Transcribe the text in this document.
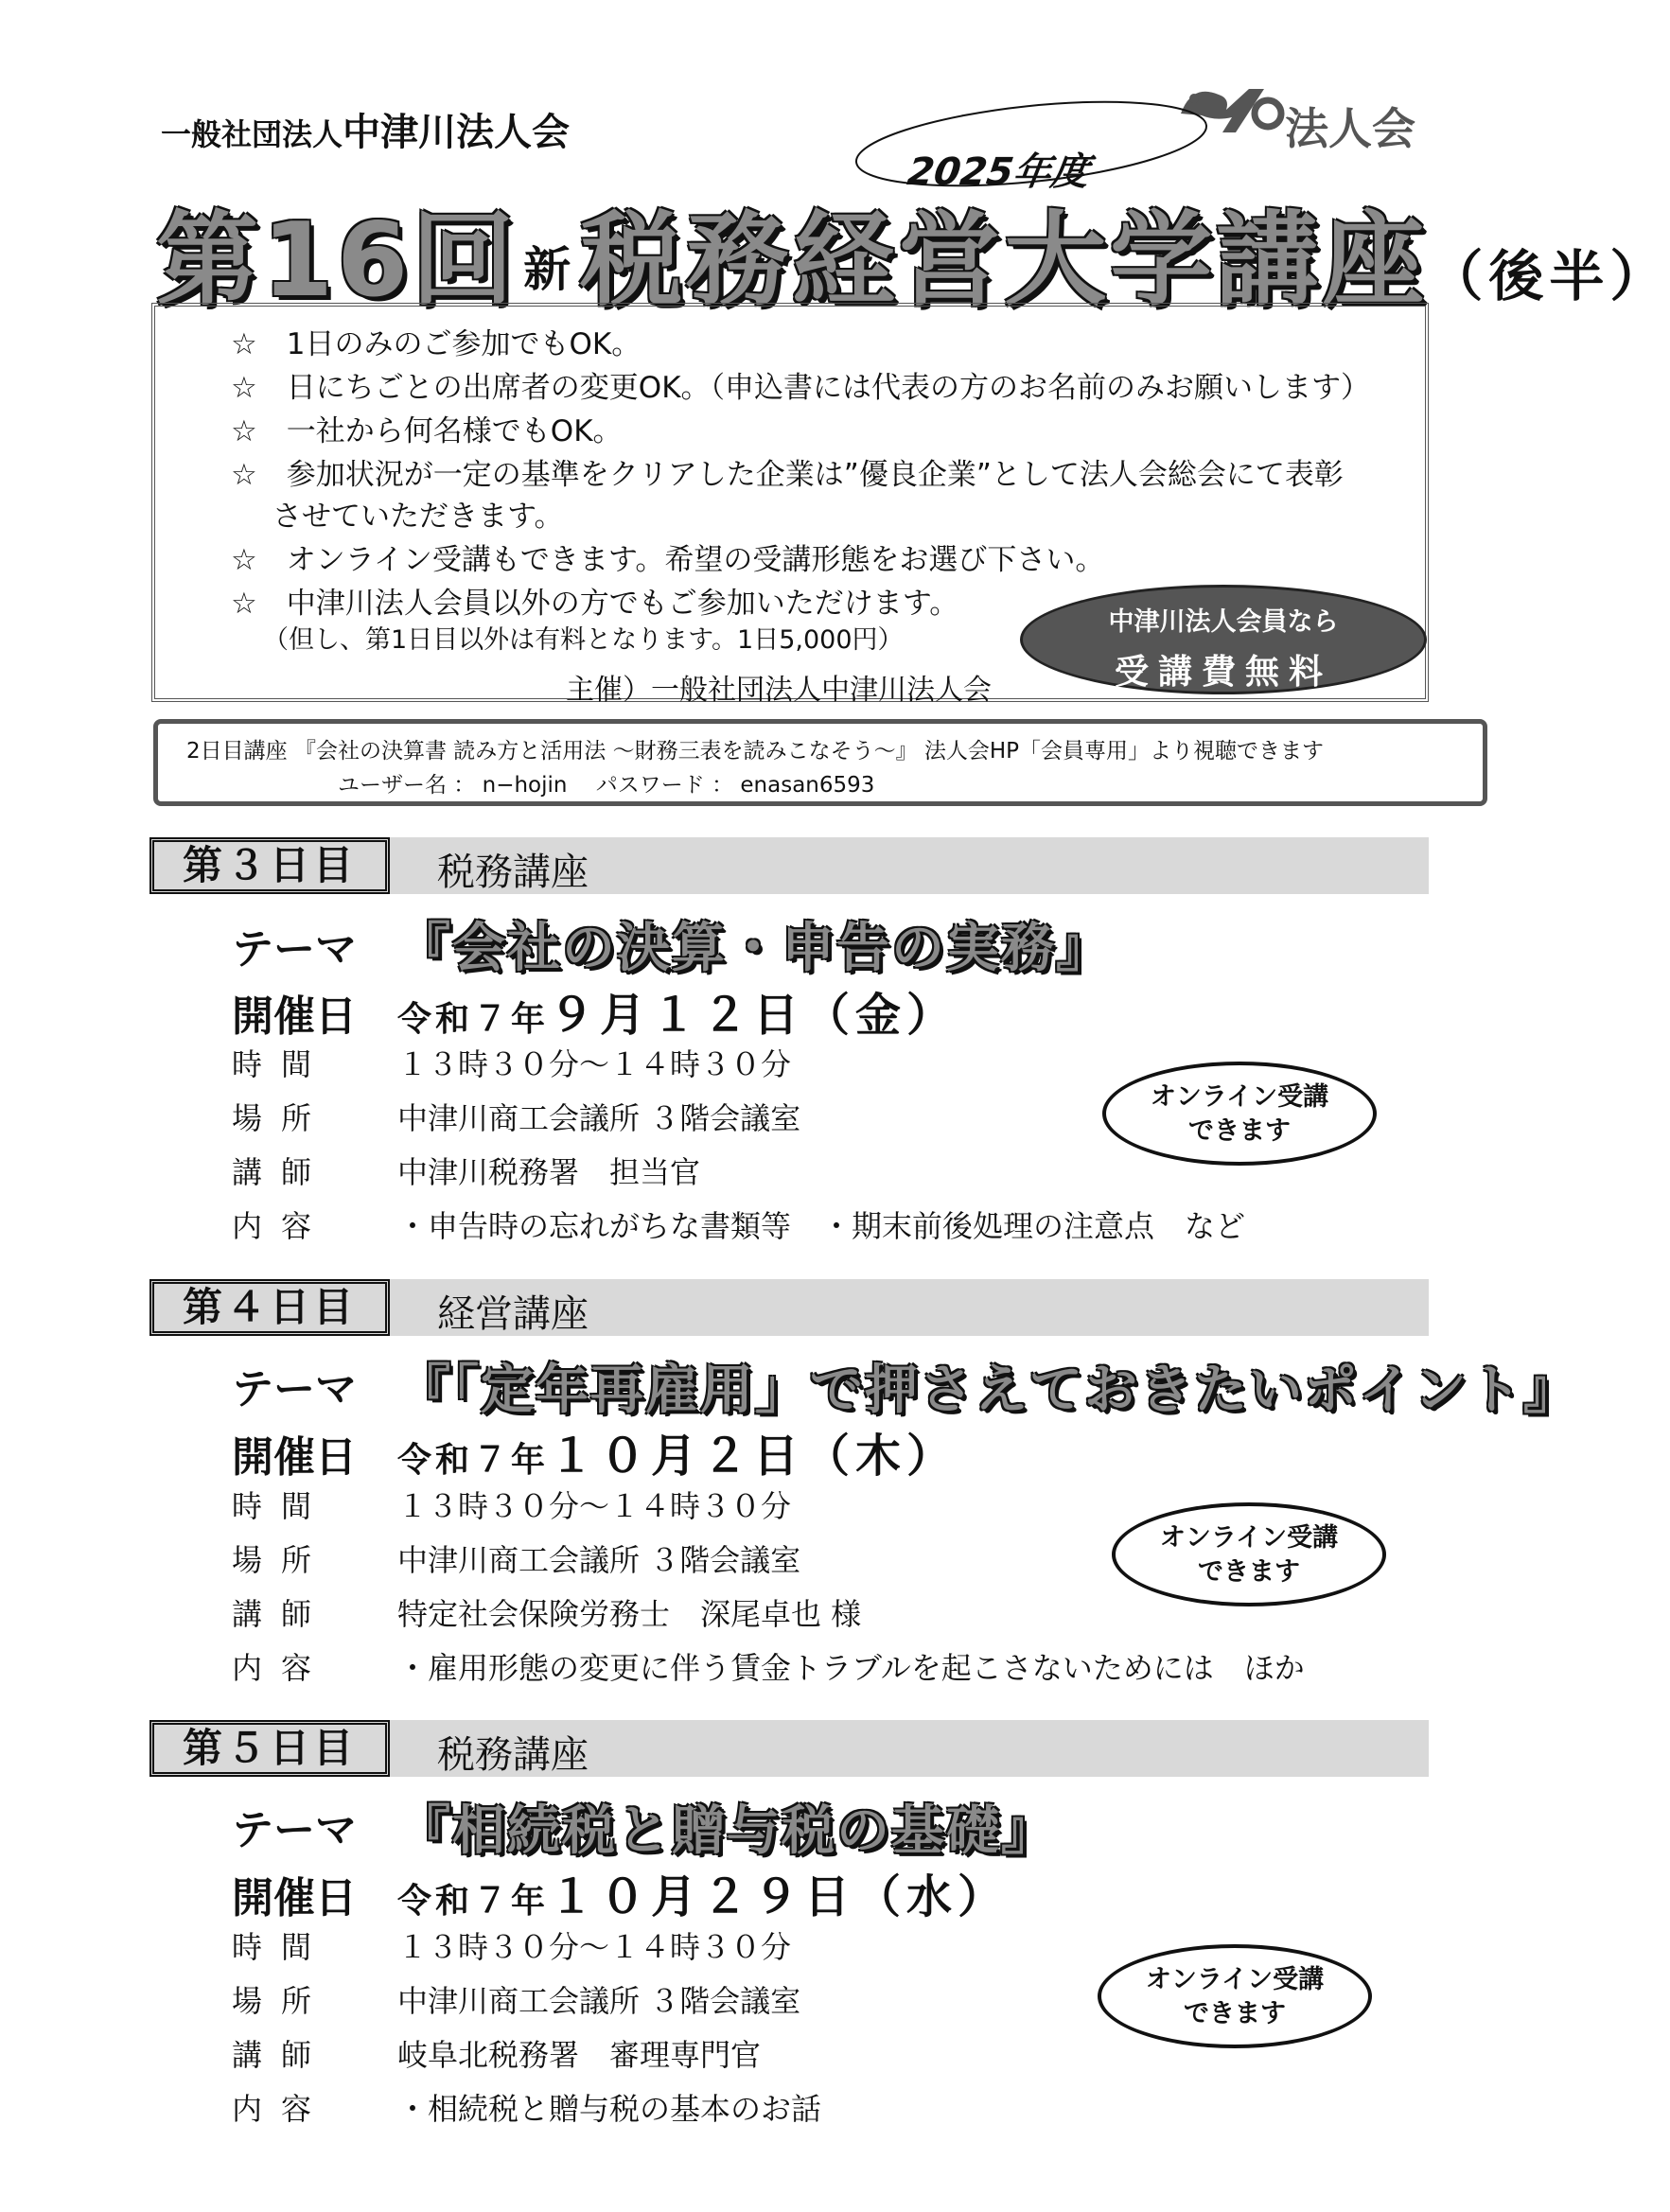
一般社団法人中津川法人会	法人会
2025年度
第16回 新税務経営大学講座（後半）
☆　1日のみのご参加でもOK。
☆　日にちごとの出席者の変更OK。（申込書には代表の方のお名前のみお願いします）
☆　一社から何名様でもOK。
☆　参加状況が一定の基準をクリアした企業は”優良企業”として法人会総会にて表彰
させていただきます。
☆　オンライン受講もできます。希望の受講形態をお選び下さい。
☆　中津川法人会員以外の方でもご参加いただけます。
（但し、第1日目以外は有料となります。1日5,000円）
中津川法人会員なら
受講費無料
主催）一般社団法人中津川法人会
2日目講座 『会社の決算書 読み方と活用法 ～財務三表を読みこなそう～』 法人会HP「会員専用」より視聴できます
ユーザー名 ： n−hojin　 パスワード ： enasan6593
第３日目	税務講座
テーマ 『会社の決算・申告の実務』
開催日 令和７年９月１２日（金）
時間 １３時３０分～１４時３０分
場所 中津川商工会議所 ３階会議室
講師 中津川税務署　担当官
内容 ・申告時の忘れがちな書類等　・期末前後処理の注意点　など
オンライン受講
できます
第４日目	経営講座
テーマ 『「定年再雇用」で押さえておきたいポイント』
開催日 令和７年１０月２日（木）
時間 １３時３０分～１４時３０分
場所 中津川商工会議所 ３階会議室
講師 特定社会保険労務士　深尾卓也 様
内容 ・雇用形態の変更に伴う賃金トラブルを起こさないためには　ほか
オンライン受講
できます
第５日目	税務講座
テーマ 『相続税と贈与税の基礎』
開催日 令和７年１０月２９日（水）
時間 １３時３０分～１４時３０分
場所 中津川商工会議所 ３階会議室
講師 岐阜北税務署　審理専門官
内容 ・相続税と贈与税の基本のお話
オンライン受講
できます
